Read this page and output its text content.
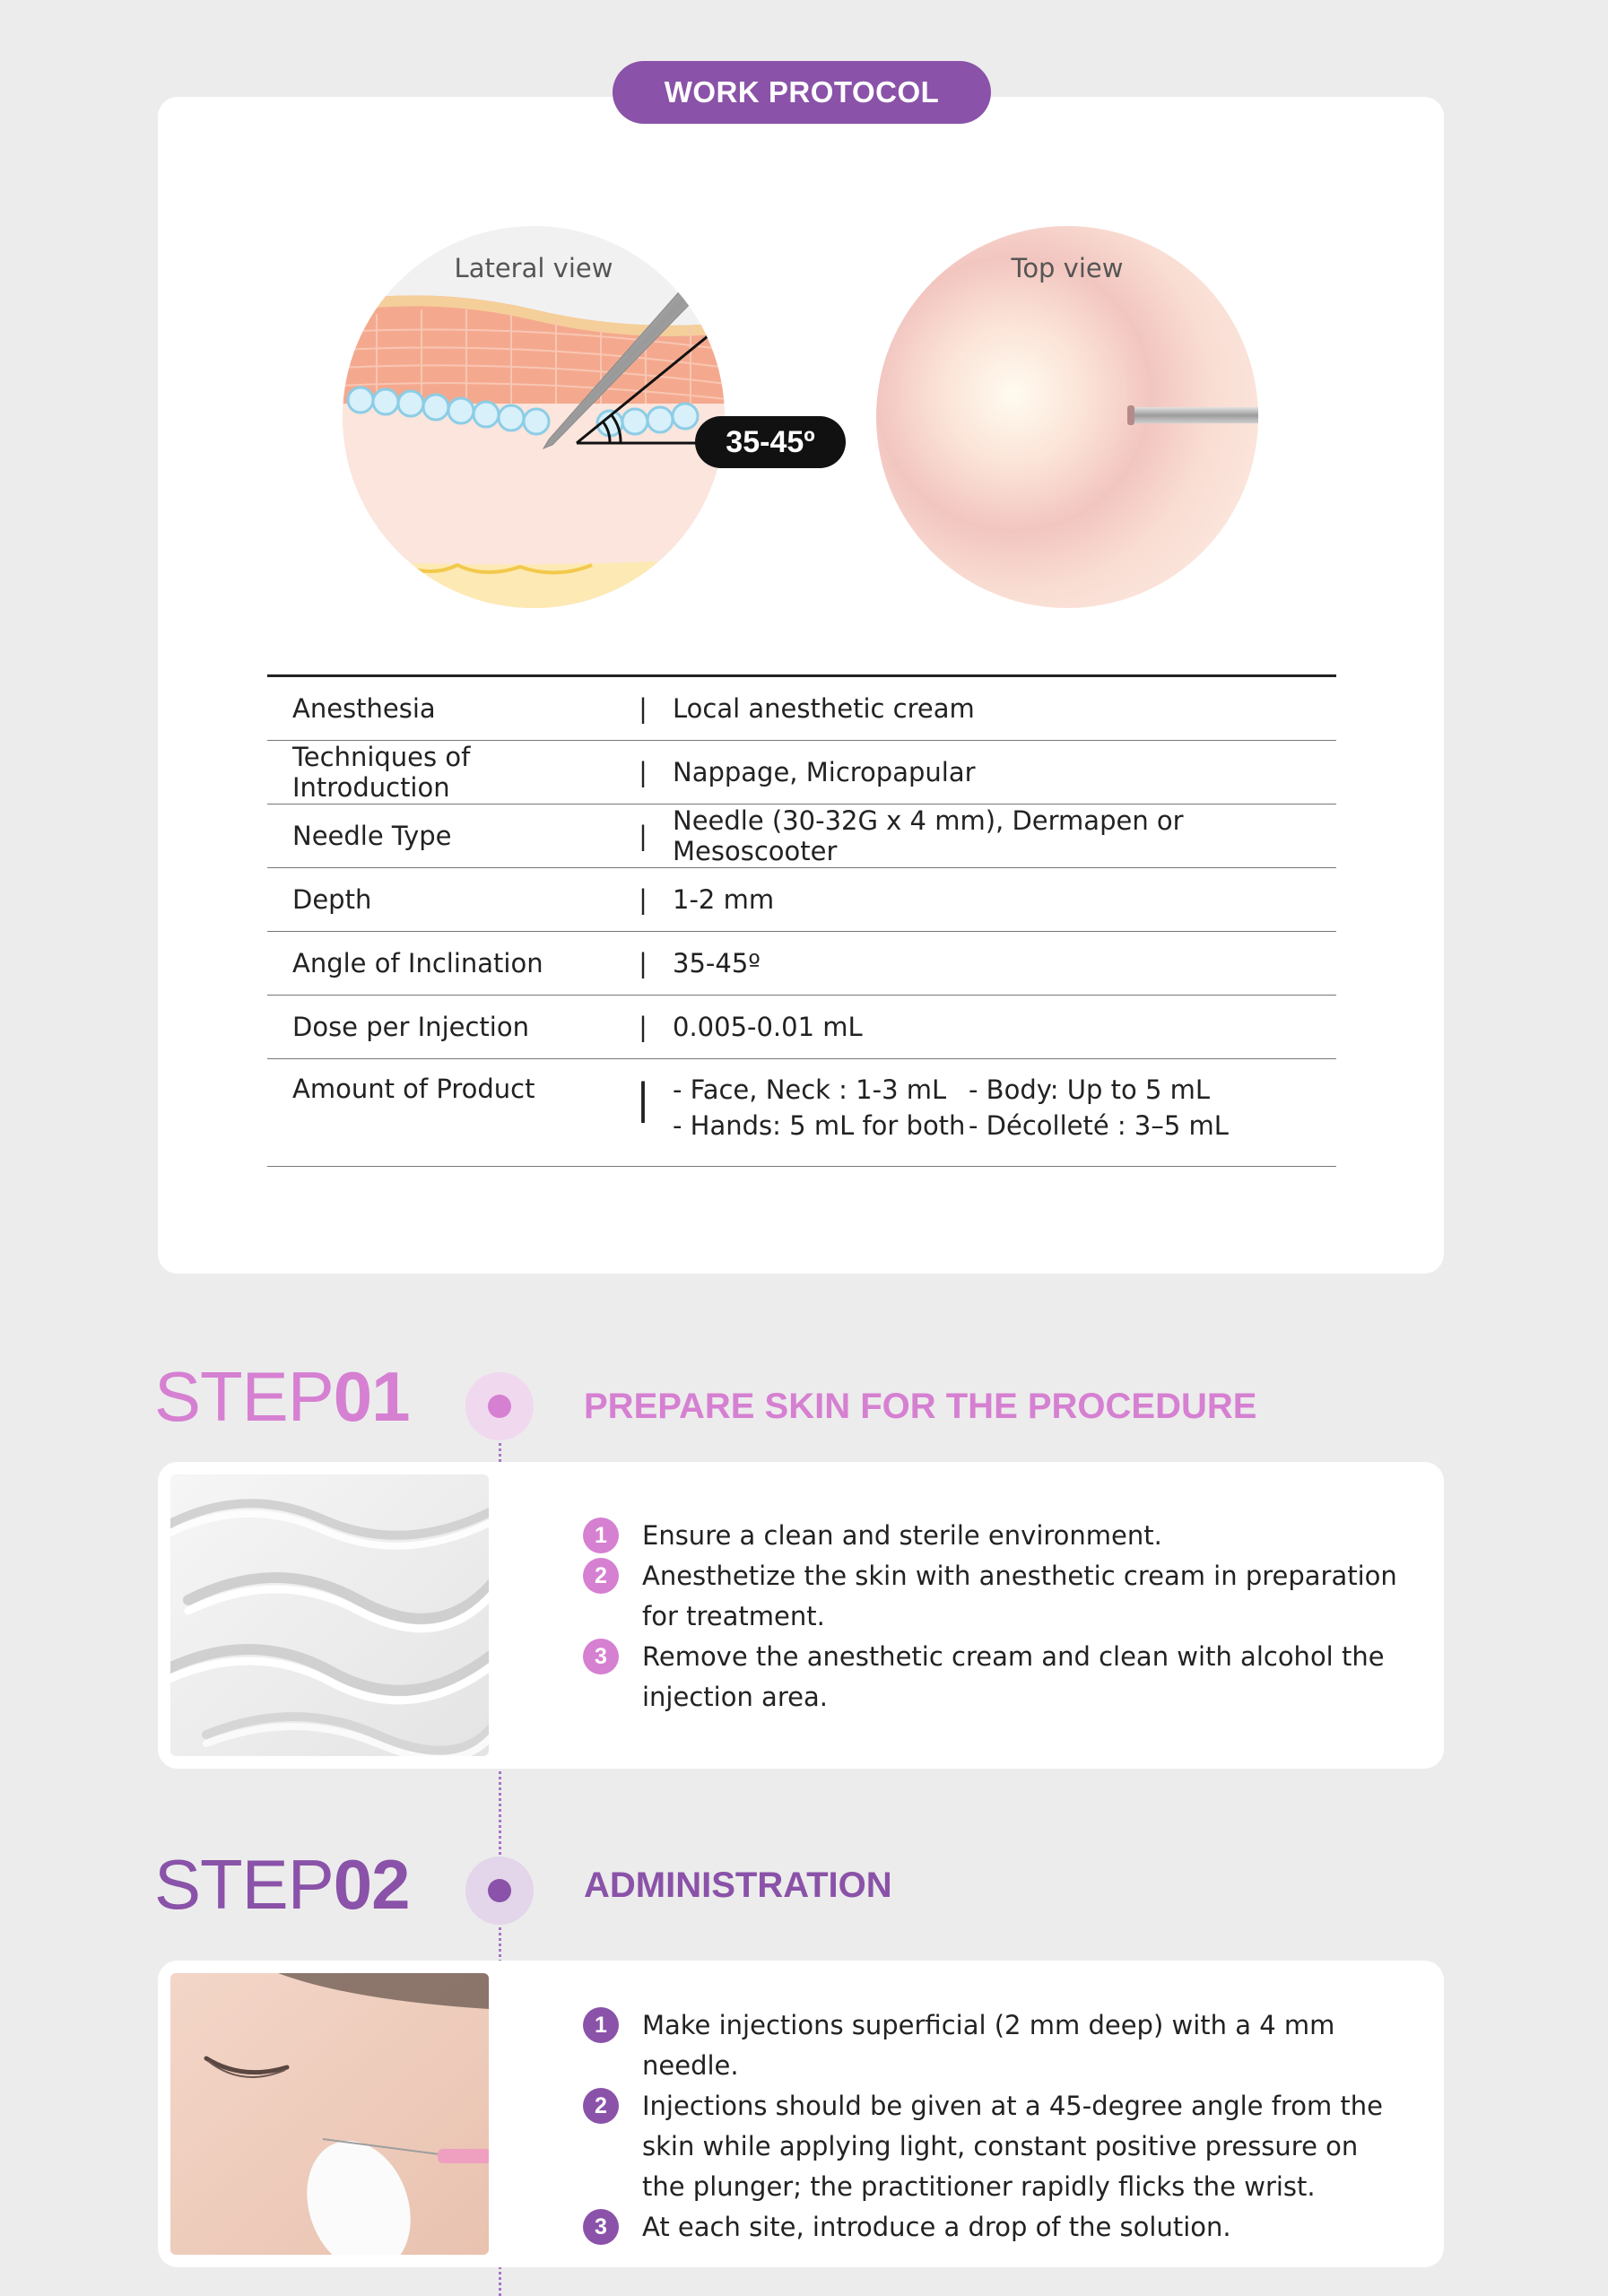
WORK PROTOCOL
Lateral view
35-45º
Top view
Anesthesia	| Local anesthetic cream
Techniques of Introduction	| Nappage, Micropapular
Needle Type	| Needle (30-32G x 4 mm), Dermapen or Mesoscooter
Depth	| 1-2 mm
Angle of Inclination	| 35-45º
Dose per Injection	| 0.005-0.01 mL
Amount of Product	| - Face, Neck : 1-3 mL - Body: Up to 5 mL
- Hands: 5 mL for both - Décolleté : 3–5 mL
STEP01	PREPARE SKIN FOR THE PROCEDURE
1	Ensure a clean and sterile environment.
2	Anesthetize the skin with anesthetic cream in preparation for treatment.
3	Remove the anesthetic cream and clean with alcohol the injection area.
STEP02	ADMINISTRATION
1	Make injections superficial (2 mm deep) with a 4 mm needle.
2	Injections should be given at a 45-degree angle from the skin while applying light, constant positive pressure on the plunger; the practitioner rapidly flicks the wrist.
3	At each site, introduce a drop of the solution.
